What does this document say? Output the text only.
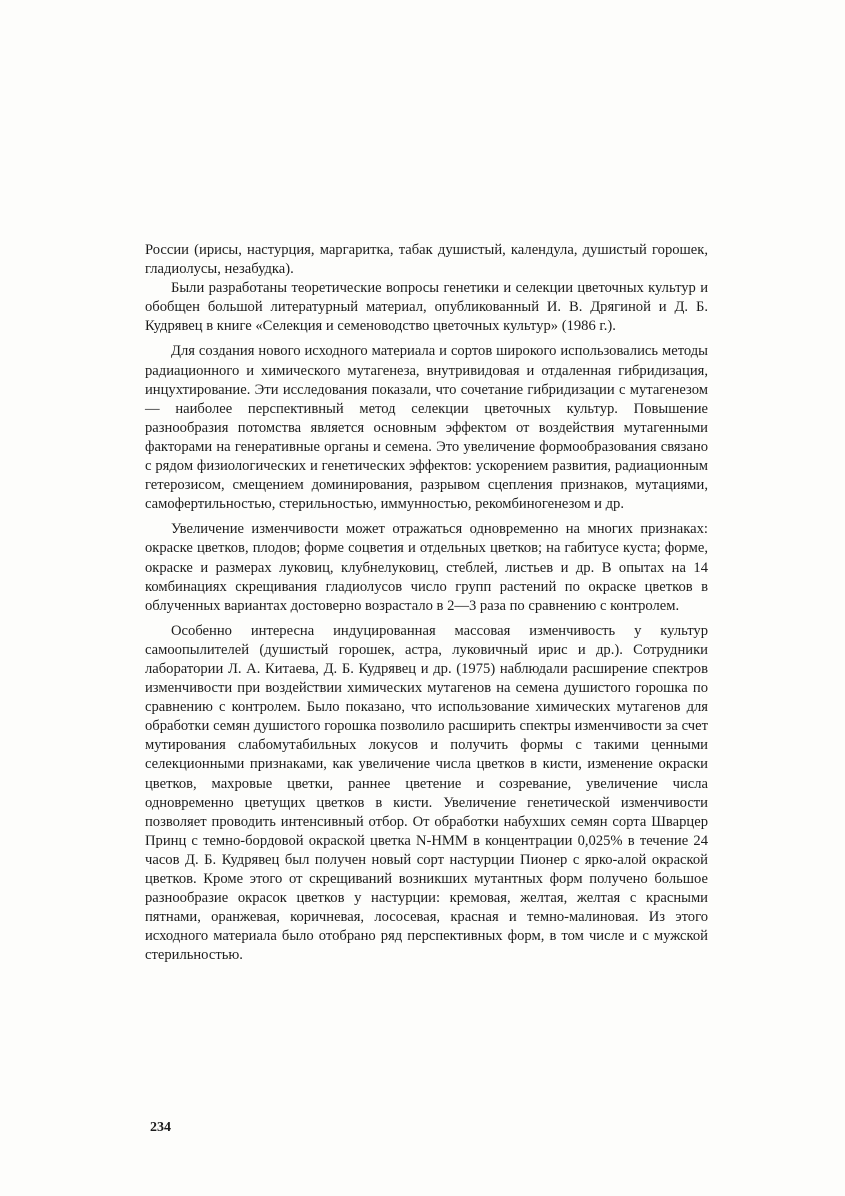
России (ирисы, настурция, маргаритка, табак душистый, календула, душистый горошек, гладиолусы, незабудка).

Были разработаны теоретические вопросы генетики и селекции цветочных культур и обобщен большой литературный материал, опубликованный И. В. Дрягиной и Д. Б. Кудрявец в книге «Селекция и семеноводство цветочных культур» (1986 г.).

Для создания нового исходного материала и сортов широкого использовались методы радиационного и химического мутагенеза, внутривидовая и отдаленная гибридизация, инцухтирование. Эти исследования показали, что сочетание гибридизации с мутагенезом — наиболее перспективный метод селекции цветочных культур. Повышение разнообразия потомства является основным эффектом от воздействия мутагенными факторами на генеративные органы и семена. Это увеличение формообразования связано с рядом физиологических и генетических эффектов: ускорением развития, радиационным гетерозисом, смещением доминирования, разрывом сцепления признаков, мутациями, самофертильностью, стерильностью, иммунностью, рекомбиногенезом и др.

Увеличение изменчивости может отражаться одновременно на многих признаках: окраске цветков, плодов; форме соцветия и отдельных цветков; на габитусе куста; форме, окраске и размерах луковиц, клубнелуковиц, стеблей, листьев и др. В опытах на 14 комбинациях скрещивания гладиолусов число групп растений по окраске цветков в облученных вариантах достоверно возрастало в 2—3 раза по сравнению с контролем.

Особенно интересна индуцированная массовая изменчивость у культур самоопылителей (душистый горошек, астра, луковичный ирис и др.). Сотрудники лаборатории Л. А. Китаева, Д. Б. Кудрявец и др. (1975) наблюдали расширение спектров изменчивости при воздействии химических мутагенов на семена душистого горошка по сравнению с контролем. Было показано, что использование химических мутагенов для обработки семян душистого горошка позволило расширить спектры изменчивости за счет мутирования слабомутабильных локусов и получить формы с такими ценными селекционными признаками, как увеличение числа цветков в кисти, изменение окраски цветков, махровые цветки, раннее цветение и созревание, увеличение числа одновременно цветущих цветков в кисти. Увеличение генетической изменчивости позволяет проводить интенсивный отбор. От обработки набухших семян сорта Шварцер Принц с темно-бордовой окраской цветка N-НММ в концентрации 0,025% в течение 24 часов Д. Б. Кудрявец был получен новый сорт настурции Пионер с ярко-алой окраской цветков. Кроме этого от скрещиваний возникших мутантных форм получено большое разнообразие окрасок цветков у настурции: кремовая, желтая, желтая с красными пятнами, оранжевая, коричневая, лососевая, красная и темно-малиновая. Из этого исходного материала было отобрано ряд перспективных форм, в том числе и с мужской стерильностью.

234
